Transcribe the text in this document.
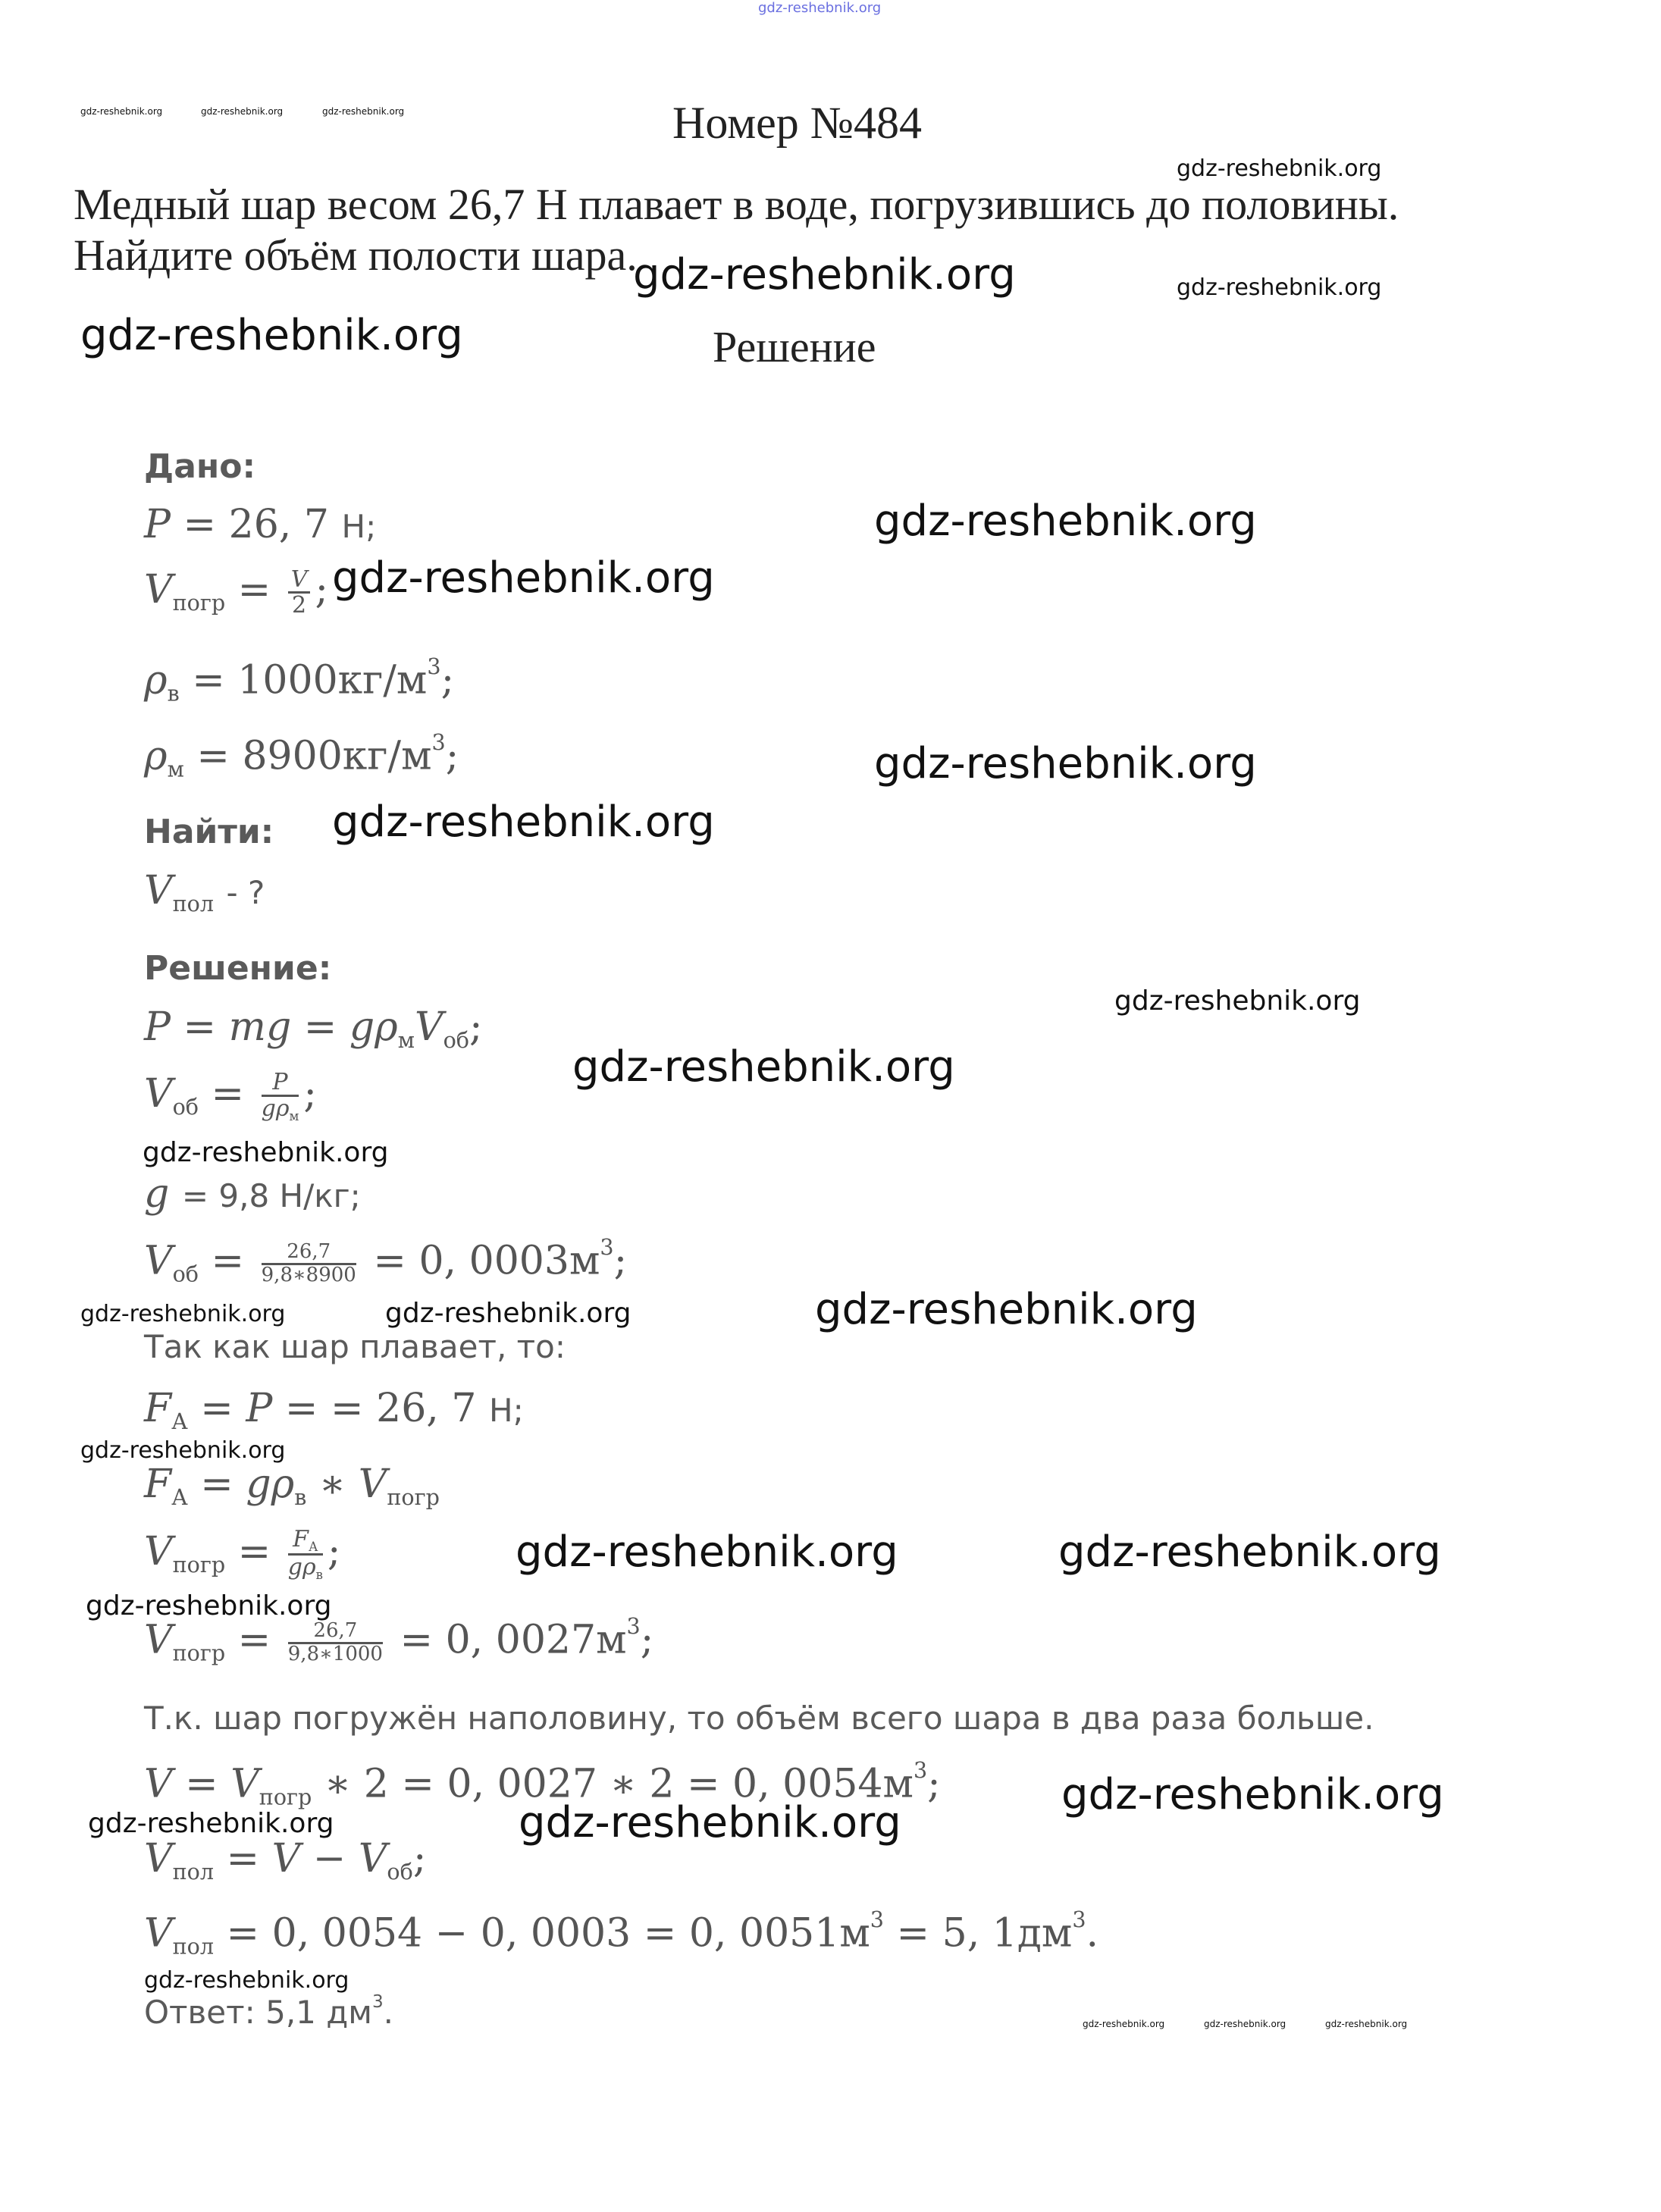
gdz-reshebnik.org
gdz-reshebnik.org	gdz-reshebnik.org	gdz-reshebnik.org	Номер №484
gdz-reshebnik.org
Медный шар весом 26,7 Н плавает в воде, погрузившись до половины.
Найдите объём полости шара.
gdz-reshebnik.org	gdz-reshebnik.org
gdz-reshebnik.org	Решение
Дано:
P = 26, 7 Н;	gdz-reshebnik.org
$V_{погр} = \frac{V}{2}$ ; gdz-reshebnik.org
$\rho_в = 1000кг/м^3$;
$\rho_м = 8900кг/м^3$;	gdz-reshebnik.org
Найти: gdz-reshebnik.org
$V_{пол}$ - ?
Решение:
gdz-reshebnik.org
P = mg = $g\rho_мV_{об}$;
gdz-reshebnik.org
$V_{об} = \frac{P}{g\rho_м}$ ;
gdz-reshebnik.org
g = 9,8 Н/кг;
$V_{об} = \frac{26,7}{9,8∗8900} = 0$, $0003м^3$;
gdz-reshebnik.org	gdz-reshebnik.org	gdz-reshebnik.org
Так как шар плавает, то:
$F_А = P$ = = 26, 7 Н;
gdz-reshebnik.org
$F_А = g\rho_в$ ∗ $V_{погр}$
$V_{погр} = \frac{F_А}{g\rho_в}$ ;	gdz-reshebnik.org	gdz-reshebnik.org
gdz-reshebnik.org
$V_{погр} = \frac{26,7}{9,8∗1000} = 0$, $0027м^3$;
Т.к. шар погружён наполовину, то объём всего шара в два раза больше.
$V = V_{погр}$ ∗ 2 = 0, 0027 ∗ 2 = 0, $0054м^3$;	gdz-reshebnik.org
gdz-reshebnik.org	gdz-reshebnik.org
$V_{пол} = V - V_{об}$;
$V_{пол} = 0$, 0054 − 0, 0003 = 0, $0051м^3 = 5$, $1дм^3$.
gdz-reshebnik.org
Ответ: 5,1 $дм^3$.	gdz-reshebnik.org	gdz-reshebnik.org	gdz-reshebnik.org
